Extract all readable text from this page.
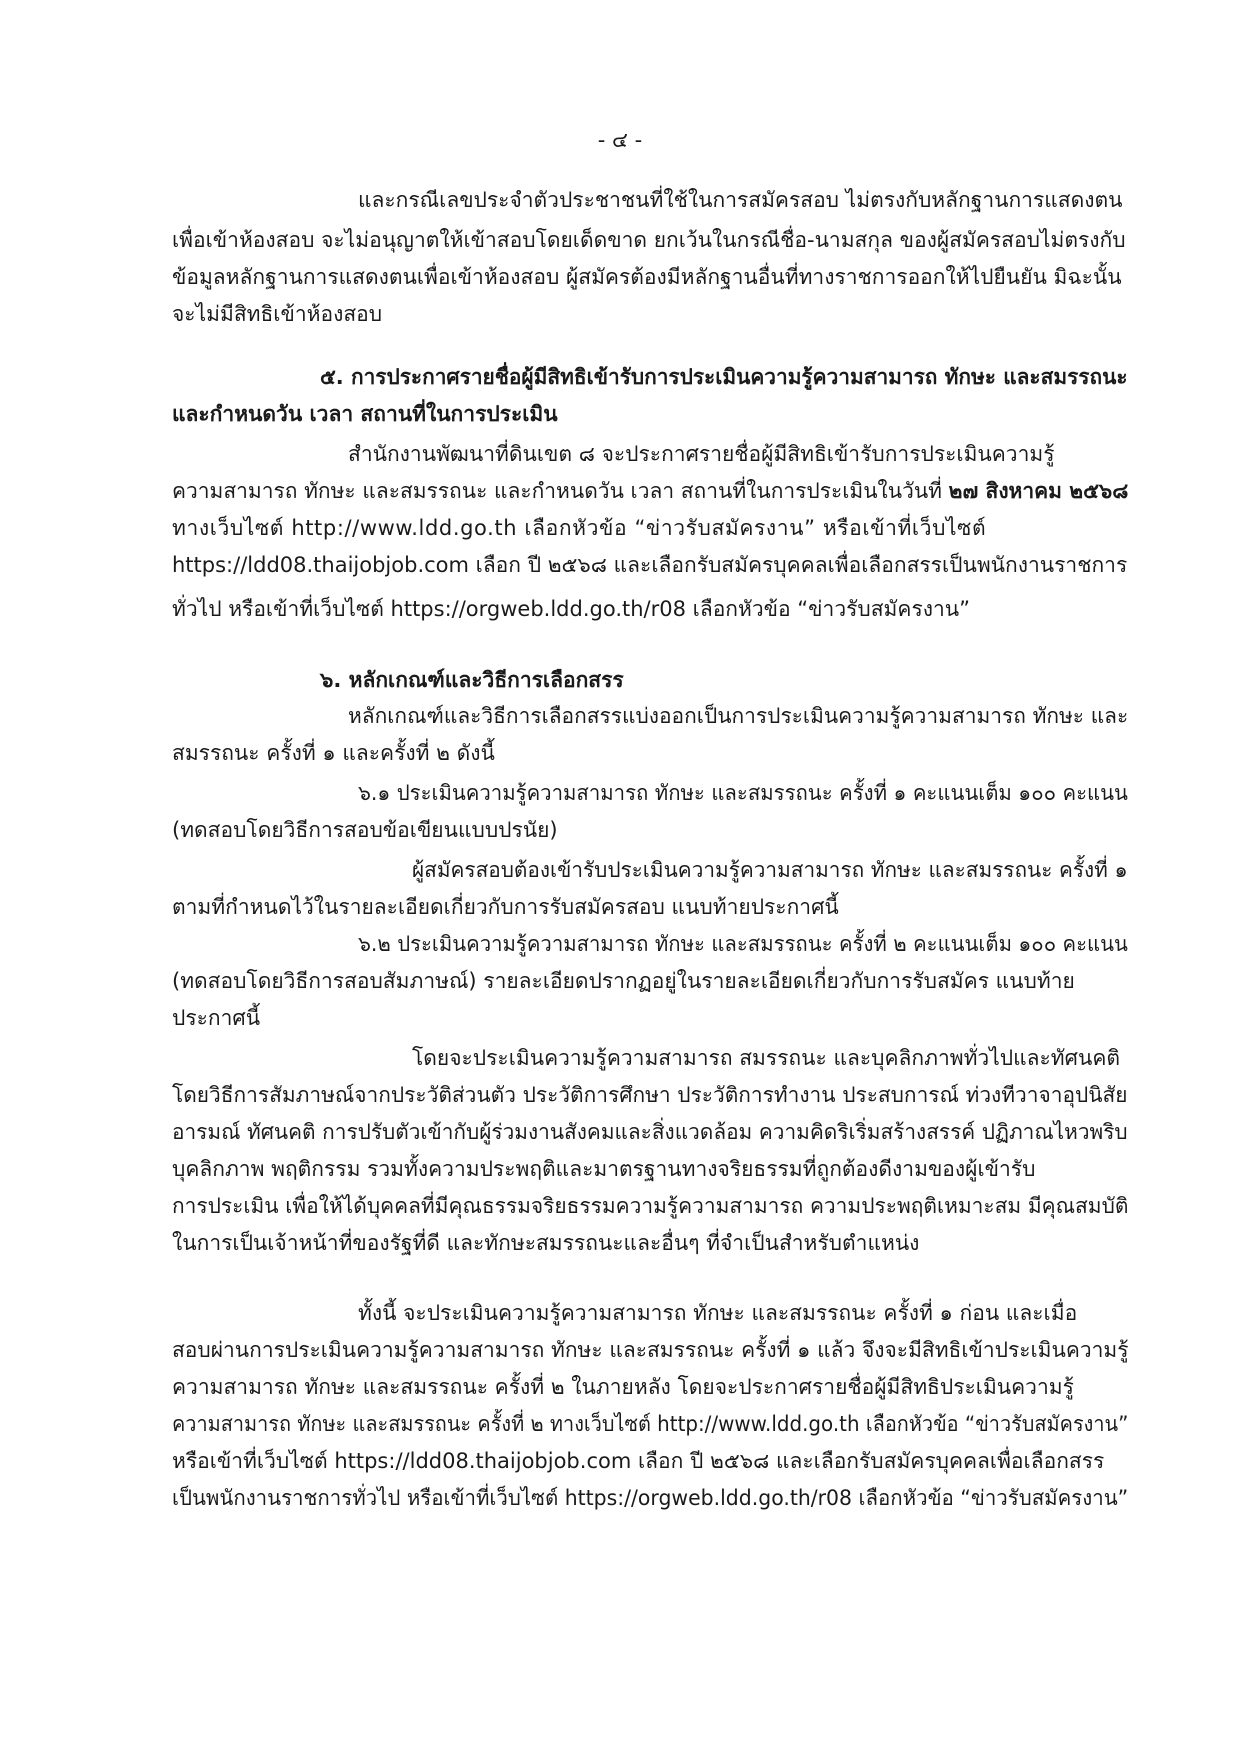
- ๔ -
และกรณีเลขประจำตัวประชาชนที่ใช้ในการสมัครสอบ ไม่ตรงกับหลักฐานการแสดงตน
เพื่อเข้าห้องสอบ จะไม่อนุญาตให้เข้าสอบโดยเด็ดขาด ยกเว้นในกรณีชื่อ-นามสกุล ของผู้สมัครสอบไม่ตรงกับ
ข้อมูลหลักฐานการแสดงตนเพื่อเข้าห้องสอบ ผู้สมัครต้องมีหลักฐานอื่นที่ทางราชการออกให้ไปยืนยัน มิฉะนั้น
จะไม่มีสิทธิเข้าห้องสอบ
๕. การประกาศรายชื่อผู้มีสิทธิเข้ารับการประเมินความรู้ความสามารถ ทักษะ และสมรรถนะ
และกำหนดวัน เวลา สถานที่ในการประเมิน
สำนักงานพัฒนาที่ดินเขต ๘ จะประกาศรายชื่อผู้มีสิทธิเข้ารับการประเมินความรู้
ความสามารถ ทักษะ และสมรรถนะ และกำหนดวัน เวลา สถานที่ในการประเมินในวันที่ ๒๗ สิงหาคม ๒๕๖๘
ทางเว็บไซต์ http://www.ldd.go.th เลือกหัวข้อ “ข่าวรับสมัครงาน” หรือเข้าที่เว็บไซต์
https://ldd08.thaijobjob.com เลือก ปี ๒๕๖๘ และเลือกรับสมัครบุคคลเพื่อเลือกสรรเป็นพนักงานราชการ
ทั่วไป หรือเข้าที่เว็บไซต์ https://orgweb.ldd.go.th/r08 เลือกหัวข้อ “ข่าวรับสมัครงาน”
๖. หลักเกณฑ์และวิธีการเลือกสรร
หลักเกณฑ์และวิธีการเลือกสรรแบ่งออกเป็นการประเมินความรู้ความสามารถ ทักษะ และ
สมรรถนะ ครั้งที่ ๑ และครั้งที่ ๒ ดังนี้
๖.๑ ประเมินความรู้ความสามารถ ทักษะ และสมรรถนะ ครั้งที่ ๑ คะแนนเต็ม ๑๐๐ คะแนน
(ทดสอบโดยวิธีการสอบข้อเขียนแบบปรนัย)
ผู้สมัครสอบต้องเข้ารับประเมินความรู้ความสามารถ ทักษะ และสมรรถนะ ครั้งที่ ๑
ตามที่กำหนดไว้ในรายละเอียดเกี่ยวกับการรับสมัครสอบ แนบท้ายประกาศนี้
๖.๒ ประเมินความรู้ความสามารถ ทักษะ และสมรรถนะ ครั้งที่ ๒ คะแนนเต็ม ๑๐๐ คะแนน
(ทดสอบโดยวิธีการสอบสัมภาษณ์) รายละเอียดปรากฏอยู่ในรายละเอียดเกี่ยวกับการรับสมัคร แนบท้าย
ประกาศนี้
โดยจะประเมินความรู้ความสามารถ สมรรถนะ และบุคลิกภาพทั่วไปและทัศนคติ
โดยวิธีการสัมภาษณ์จากประวัติส่วนตัว ประวัติการศึกษา ประวัติการทำงาน ประสบการณ์ ท่วงทีวาจาอุปนิสัย
อารมณ์ ทัศนคติ การปรับตัวเข้ากับผู้ร่วมงานสังคมและสิ่งแวดล้อม ความคิดริเริ่มสร้างสรรค์ ปฏิภาณไหวพริบ
บุคลิกภาพ พฤติกรรม รวมทั้งความประพฤติและมาตรฐานทางจริยธรรมที่ถูกต้องดีงามของผู้เข้ารับ
การประเมิน เพื่อให้ได้บุคคลที่มีคุณธรรมจริยธรรมความรู้ความสามารถ ความประพฤติเหมาะสม มีคุณสมบัติ
ในการเป็นเจ้าหน้าที่ของรัฐที่ดี และทักษะสมรรถนะและอื่นๆ ที่จำเป็นสำหรับตำแหน่ง
ทั้งนี้ จะประเมินความรู้ความสามารถ ทักษะ และสมรรถนะ ครั้งที่ ๑ ก่อน และเมื่อ
สอบผ่านการประเมินความรู้ความสามารถ ทักษะ และสมรรถนะ ครั้งที่ ๑ แล้ว จึงจะมีสิทธิเข้าประเมินความรู้
ความสามารถ ทักษะ และสมรรถนะ ครั้งที่ ๒ ในภายหลัง โดยจะประกาศรายชื่อผู้มีสิทธิประเมินความรู้
ความสามารถ ทักษะ และสมรรถนะ ครั้งที่ ๒ ทางเว็บไซต์ http://www.ldd.go.th เลือกหัวข้อ “ข่าวรับสมัครงาน”
หรือเข้าที่เว็บไซต์ https://ldd08.thaijobjob.com เลือก ปี ๒๕๖๘ และเลือกรับสมัครบุคคลเพื่อเลือกสรร
เป็นพนักงานราชการทั่วไป หรือเข้าที่เว็บไซต์ https://orgweb.ldd.go.th/r08 เลือกหัวข้อ “ข่าวรับสมัครงาน”
